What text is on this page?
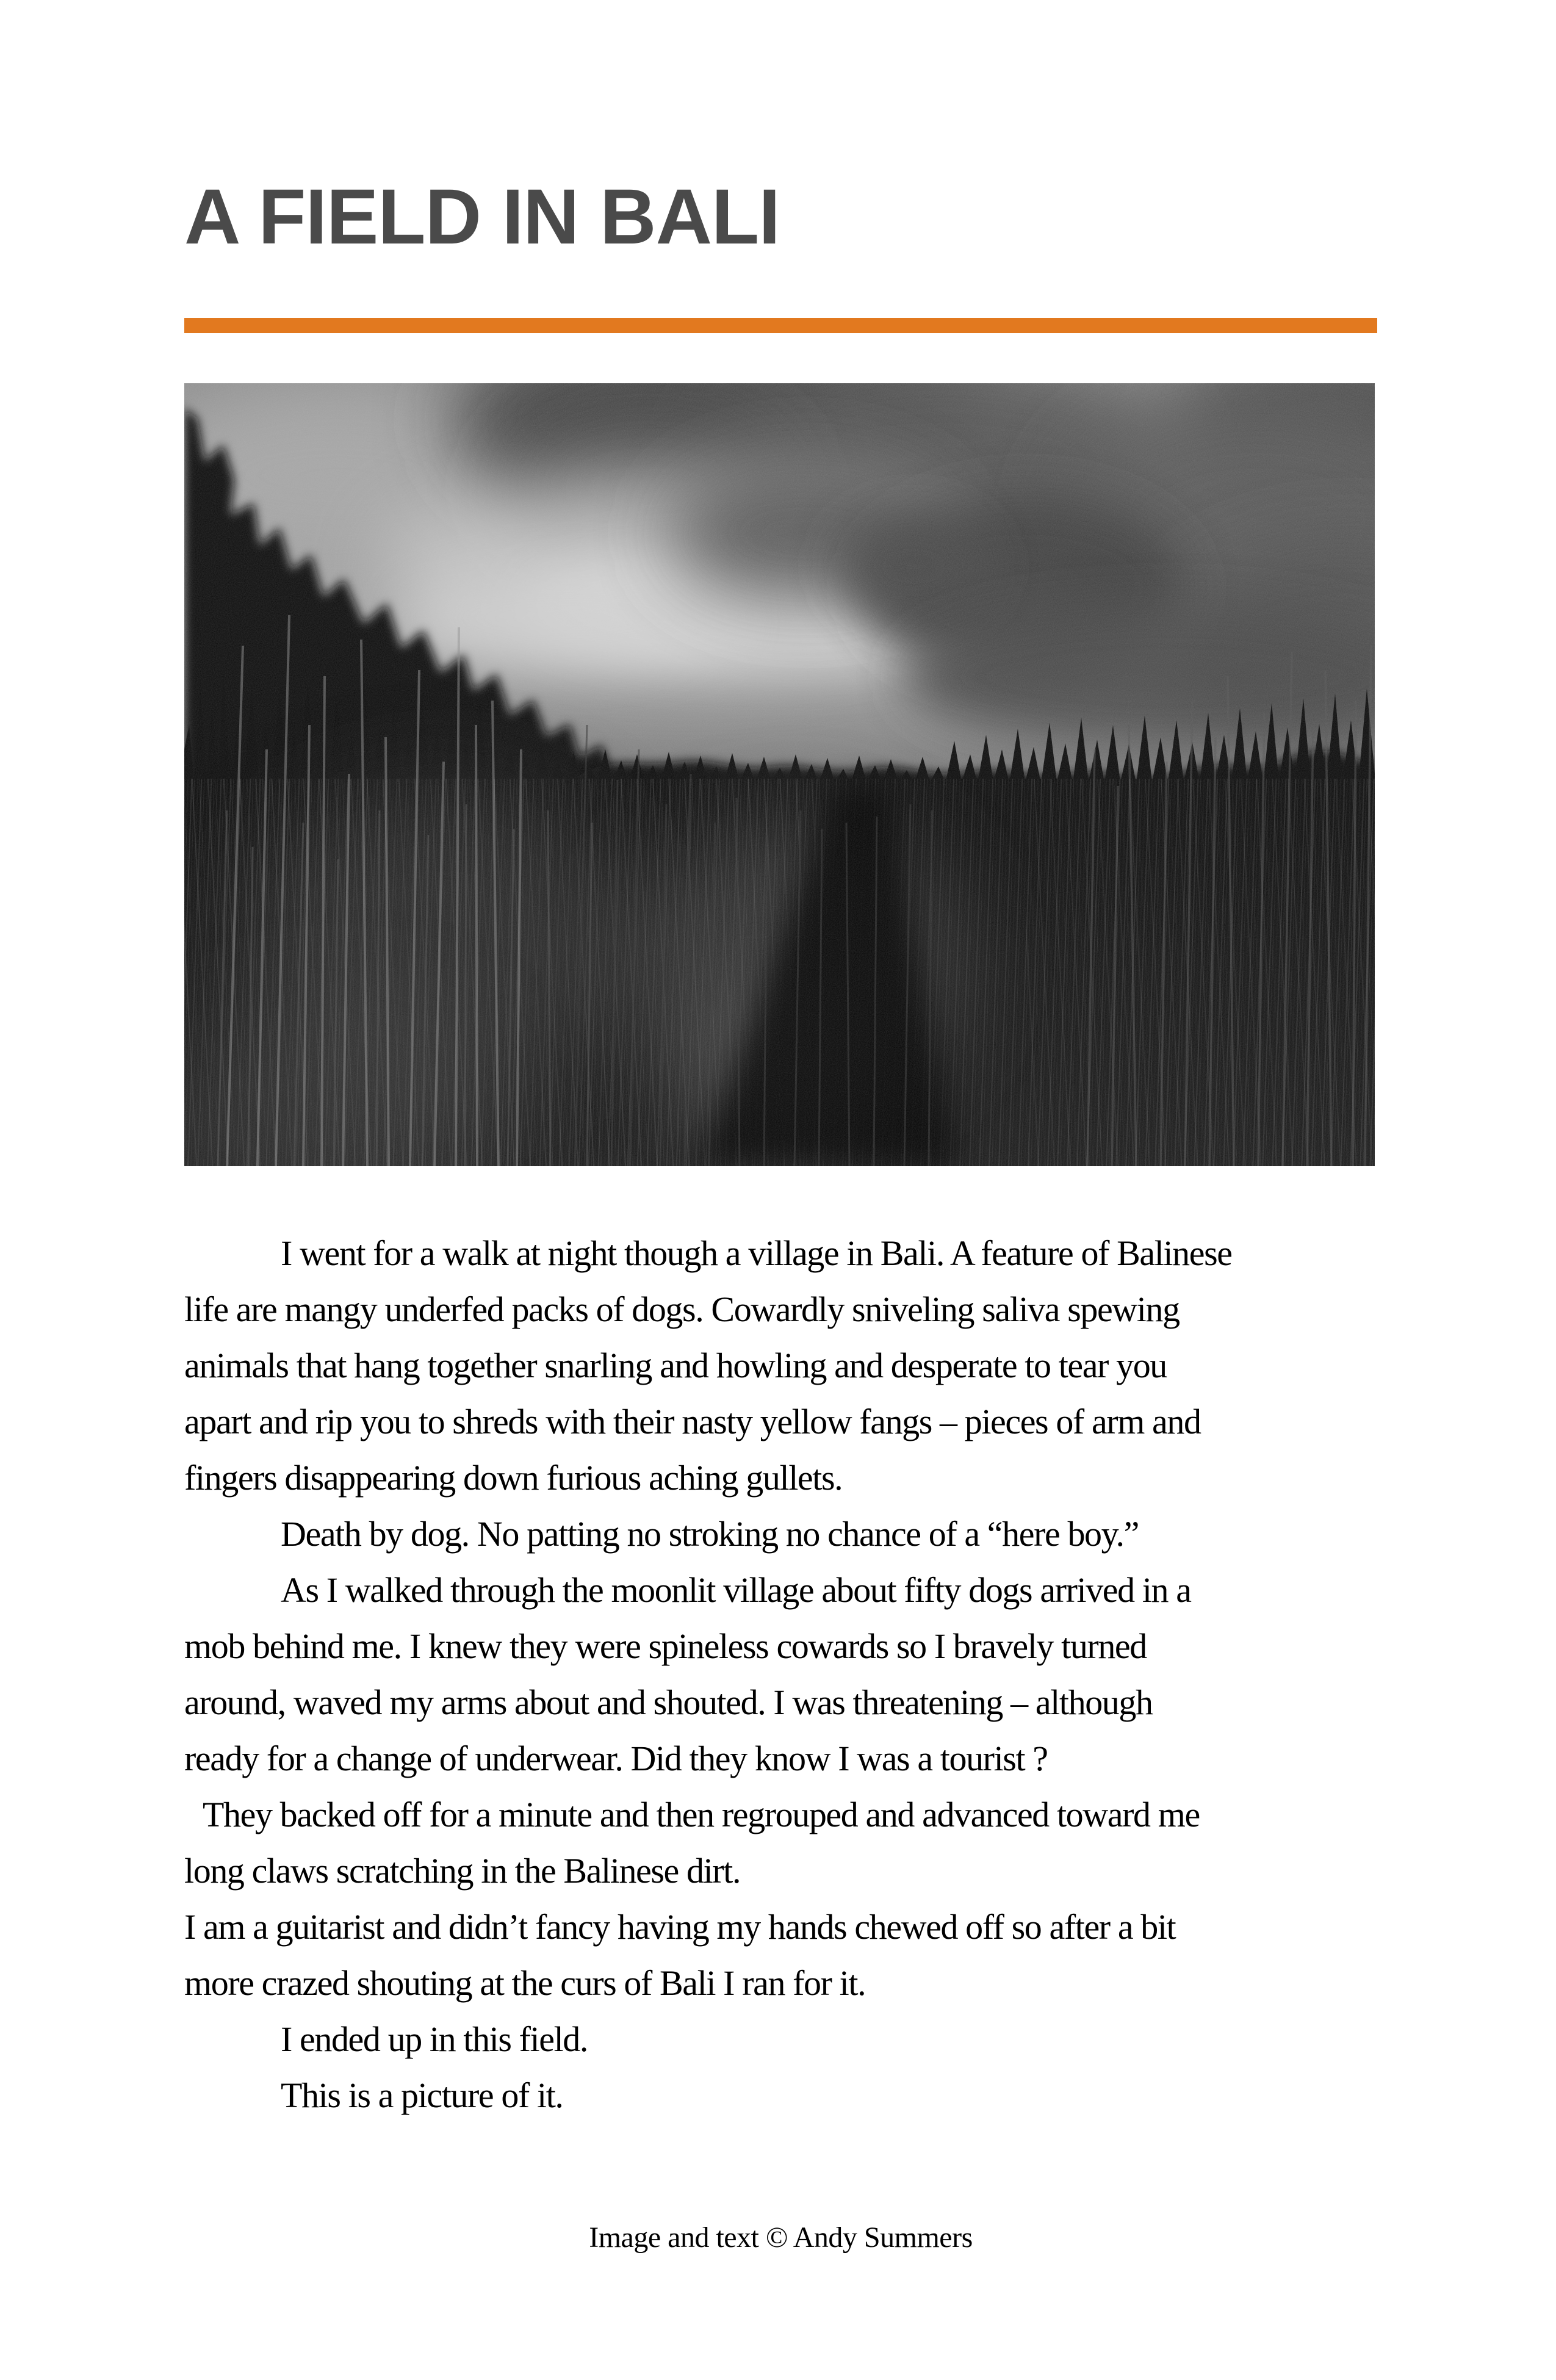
A FIELD IN BALI
I went for a walk at night though a village in Bali. A feature of Balinese
life are mangy underfed packs of dogs. Cowardly sniveling saliva spewing
animals that hang together snarling and howling and desperate to tear you
apart and rip you to shreds with their nasty yellow fangs – pieces of arm and
fingers disappearing down furious aching gullets.
Death by dog. No patting no stroking no chance of a “here boy.”
As I walked through the moonlit village about fifty dogs arrived in a
mob behind me. I knew they were spineless cowards so I bravely turned
around, waved my arms about and shouted. I was threatening – although
ready for a change of underwear. Did they know I was a tourist ?
They backed off for a minute and then regrouped and advanced toward me
long claws scratching in the Balinese dirt.
I am a guitarist and didn’t fancy having my hands chewed off so after a bit
more crazed shouting at the curs of Bali I ran for it.
I ended up in this field.
This is a picture of it.
Image and text © Andy Summers
